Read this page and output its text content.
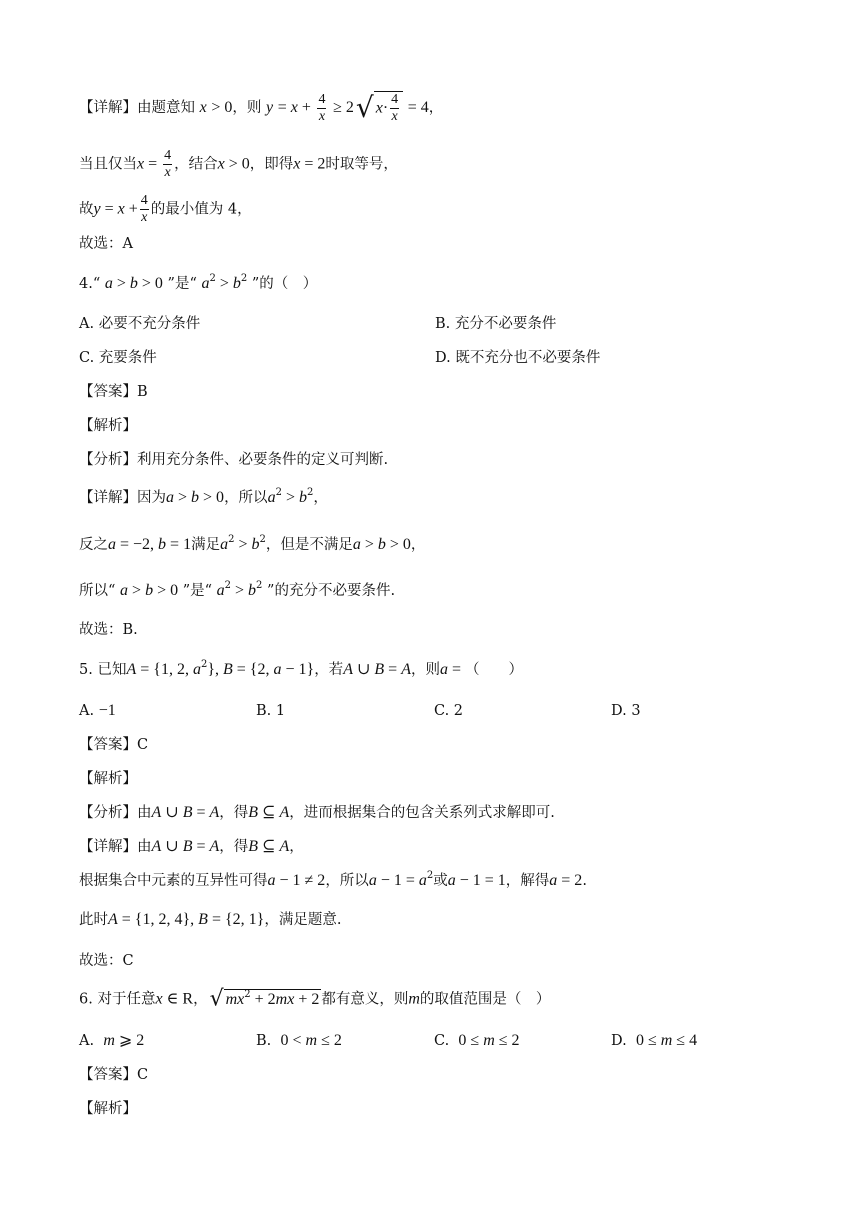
【详解】由题意知 x > 0，则 $y = x + \frac{4}{x} \ge 2√$ $x\cdot \frac{4}{x} = 4$，
当且仅当$x = \frac{4}{x}$ ，结合x > 0，即得x = 2时取等号，
故$y = x + \frac{4}{x}$ 的最小值为 4，
故选：A
4.“ a > b > 0 ”是“ $a^2 > b^2$ ”的（　）
A. 必要不充分条件	B. 充分不必要条件
C. 充要条件	D. 既不充分也不必要条件
【答案】B
【解析】
【分析】利用充分条件、必要条件的定义可判断.
【详解】因为a > b > 0，所以$a^2 > b^2$，
反之a = −2, b = 1满足$a^2 > b^2$，但是不满足a > b > 0，
所以“ a > b > 0 ”是“ $a^2 > b^2$ ”的充分不必要条件.
故选：B.
5. 已知A = {1, 2, $a^2$}, B = {2, a − 1}，若A ∪ B = A，则a = （　　）
A. −1	B. 1	C. 2	D. 3
【答案】C
【解析】
【分析】由A ∪ B = A，得B ⊆ A，进而根据集合的包含关系列式求解即可.
【详解】由A ∪ B = A，得B ⊆ A，
根据集合中元素的互异性可得a − 1 ≠ 2，所以$a - 1 = a^2$或a − 1 = 1，解得a = 2.
此时A = {1, 2, 4}, B = {2, 1}，满足题意.
故选：C
6. 对于任意x ∈ R，√ $mx^2 + 2mx + 2$ 都有意义，则m的取值范围是（　）
A. m ⩾ 2	B. 0 < m ≤ 2	C. 0 ≤ m ≤ 2	D. 0 ≤ m ≤ 4
【答案】C
【解析】
